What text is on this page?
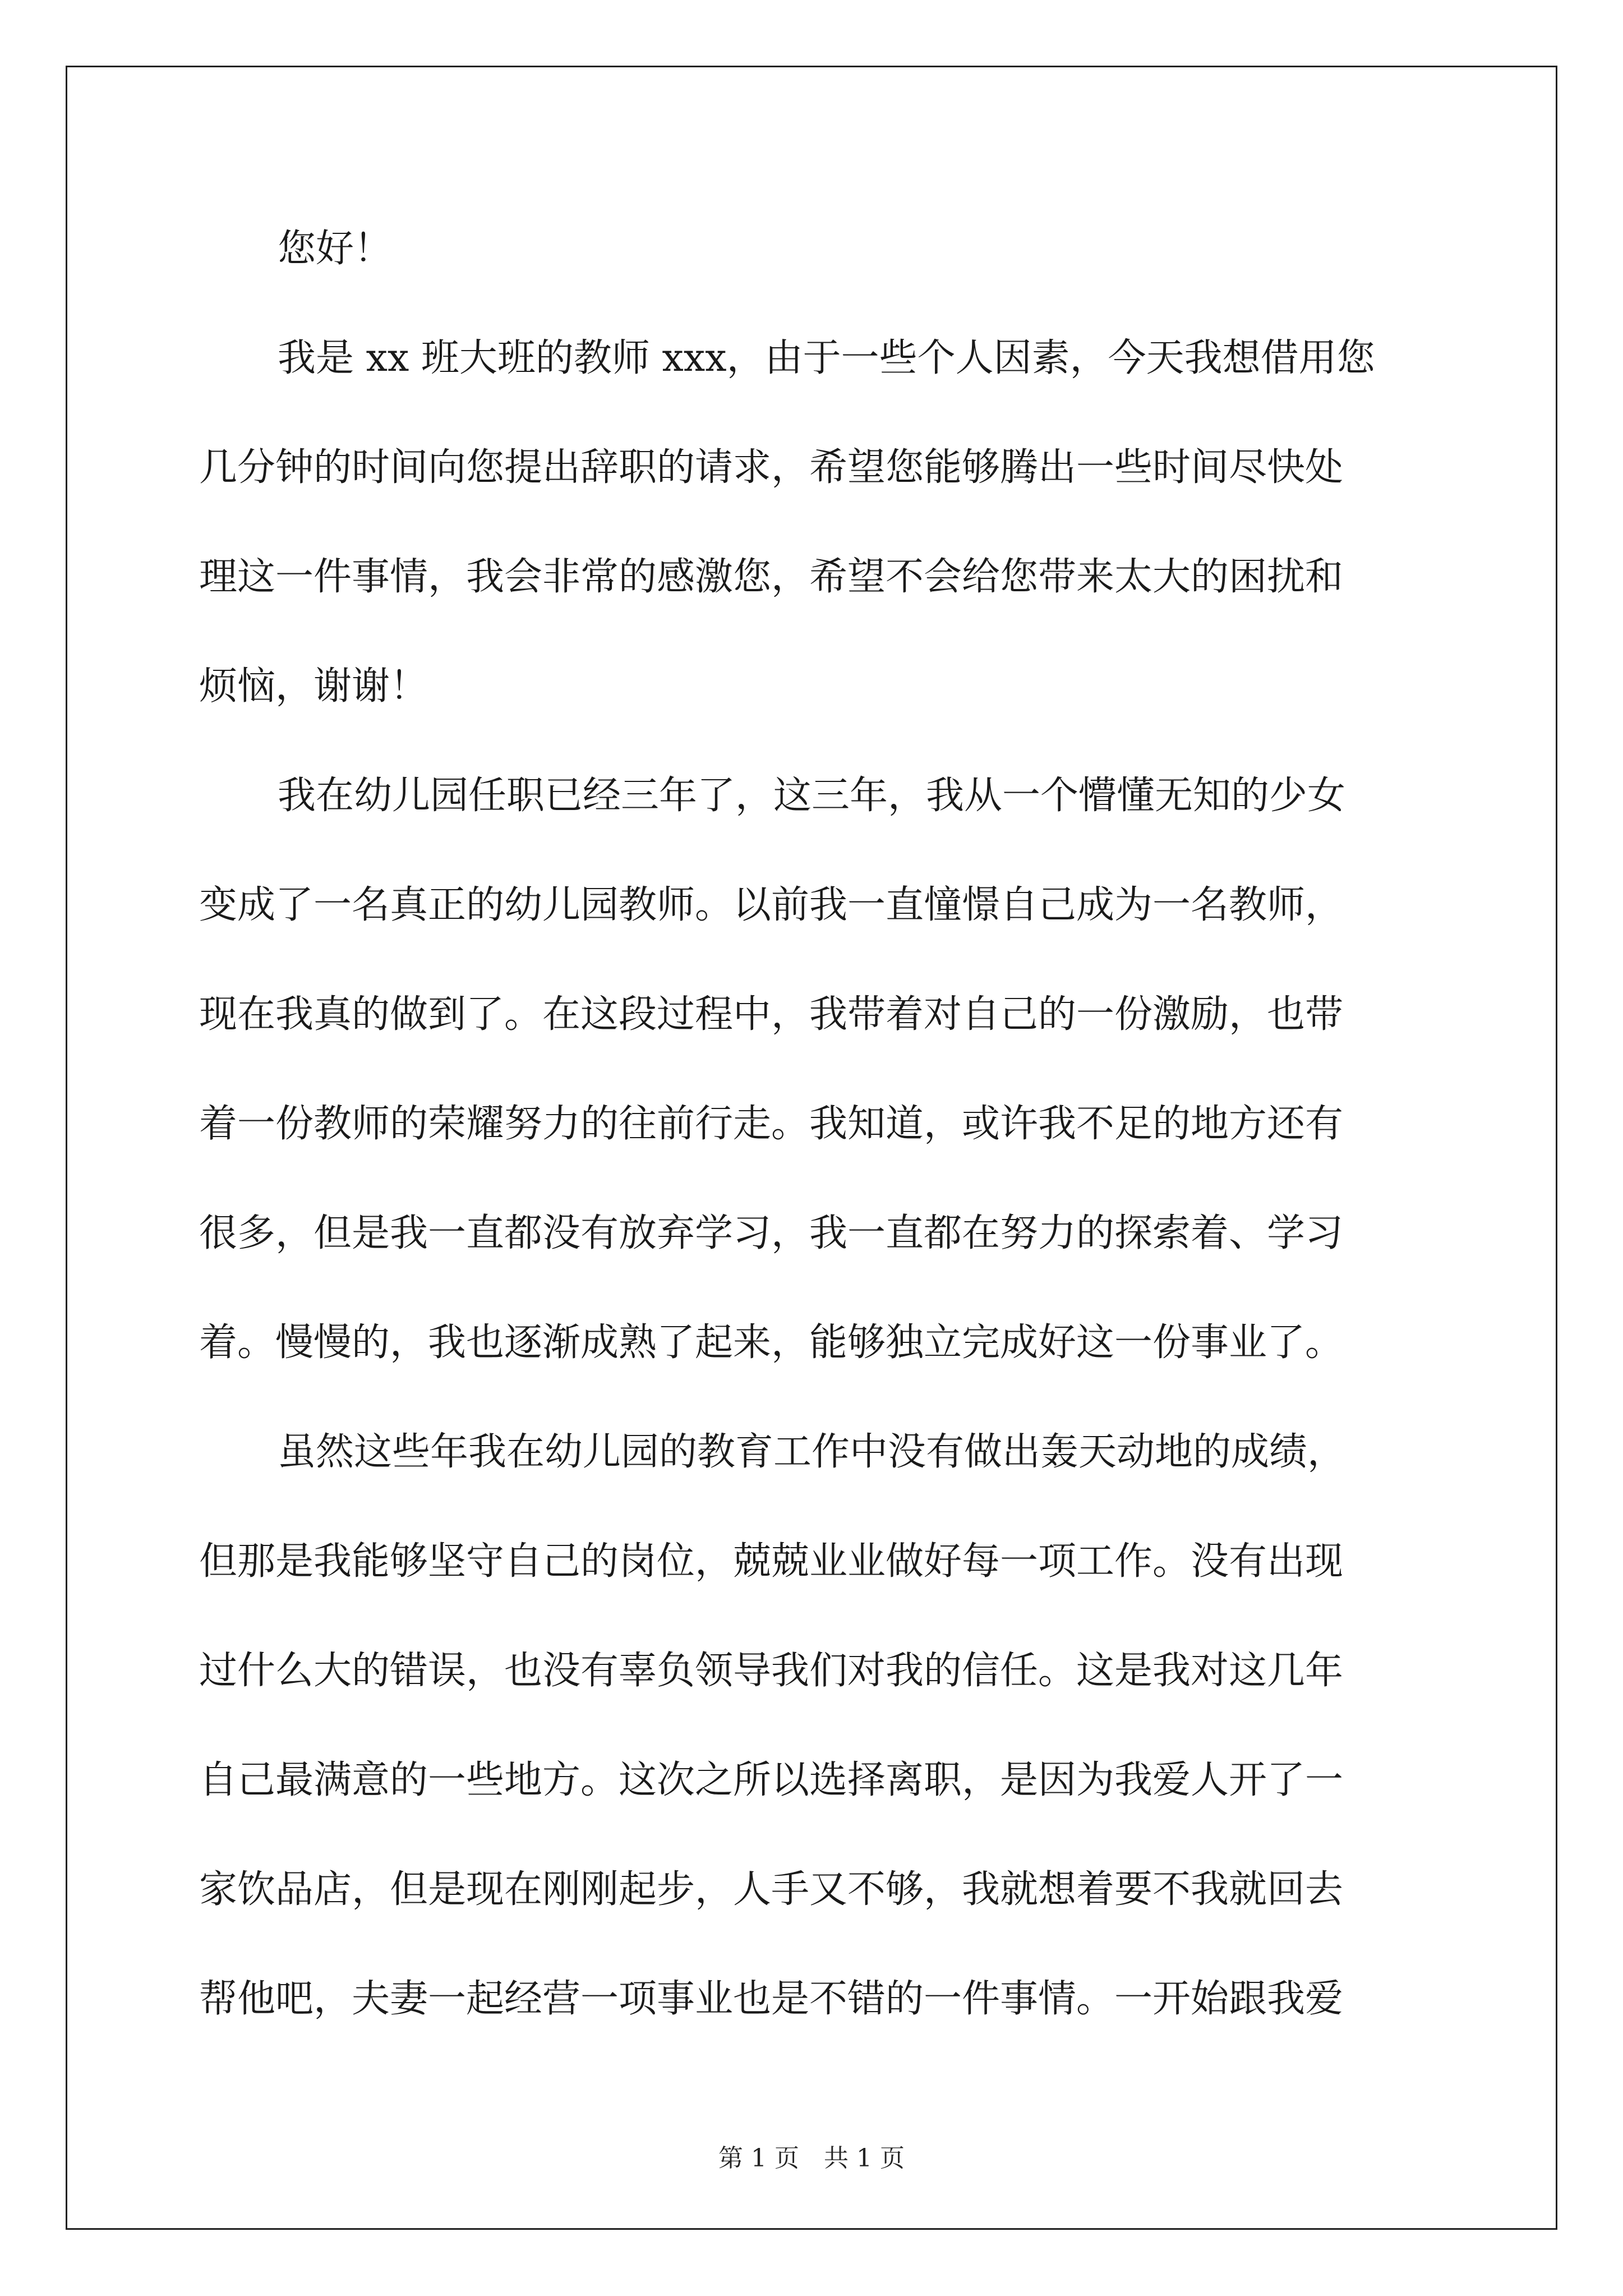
您好！
我是 xx 班大班的教师 xxx，由于一些个人因素，今天我想借用您
几分钟的时间向您提出辞职的请求，希望您能够腾出一些时间尽快处
理这一件事情，我会非常的感激您，希望不会给您带来太大的困扰和
烦恼，谢谢！
我在幼儿园任职已经三年了，这三年，我从一个懵懂无知的少女
变成了一名真正的幼儿园教师。以前我一直憧憬自己成为一名教师，
现在我真的做到了。在这段过程中，我带着对自己的一份激励，也带
着一份教师的荣耀努力的往前行走。我知道，或许我不足的地方还有
很多，但是我一直都没有放弃学习，我一直都在努力的探索着、学习
着。慢慢的，我也逐渐成熟了起来，能够独立完成好这一份事业了。
虽然这些年我在幼儿园的教育工作中没有做出轰天动地的成绩，
但那是我能够坚守自己的岗位，兢兢业业做好每一项工作。没有出现
过什么大的错误，也没有辜负领导我们对我的信任。这是我对这几年
自己最满意的一些地方。这次之所以选择离职，是因为我爱人开了一
家饮品店，但是现在刚刚起步，人手又不够，我就想着要不我就回去
帮他吧，夫妻一起经营一项事业也是不错的一件事情。一开始跟我爱
第 1 页　共 1 页
